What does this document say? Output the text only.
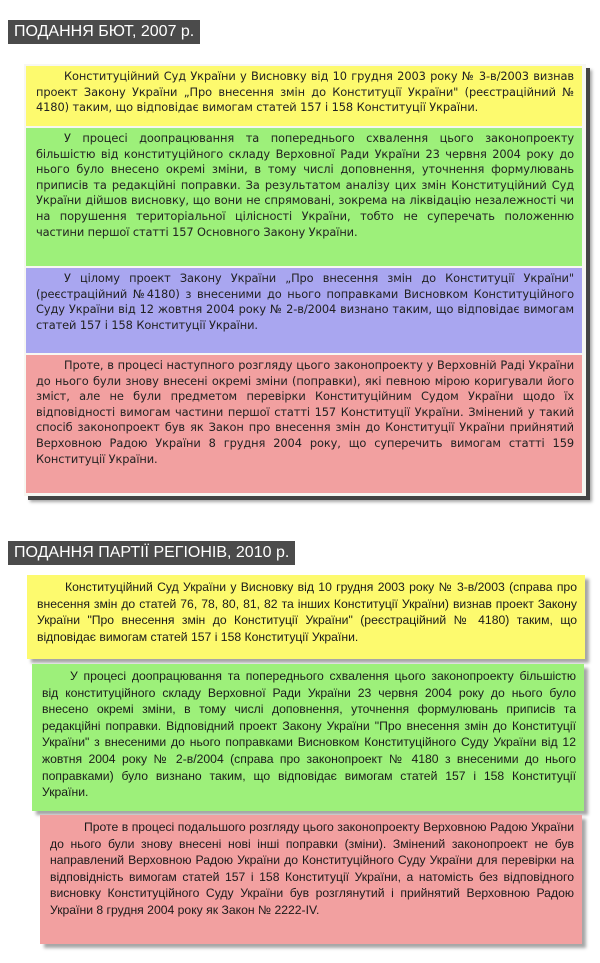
ПОДАННЯ БЮТ, 2007 р.

Конституційний Суд України у Висновку від 10 грудня 2003 року № 3-в/2003 визнав проект Закону України „Про внесення змін до Конституції України" (реєстраційний № 4180) таким, що відповідає вимогам статей 157 і 158 Конституції України.

У процесі доопрацювання та попереднього схвалення цього законопроекту більшістю від конституційного складу Верховної Ради України 23 червня 2004 року до нього було внесено окремі зміни, в тому числі доповнення, уточнення формулювань приписів та редакційні поправки. За результатом аналізу цих змін Конституційний Суд України дійшов висновку, що вони не спрямовані, зокрема на ліквідацію незалежності чи на порушення територіальної цілісності України, тобто не суперечать положенню частини першої статті 157 Основного Закону України.

У цілому проект Закону України „Про внесення змін до Конституції України" (реєстраційний №4180) з внесеними до нього поправками Висновком Конституційного Суду України від 12 жовтня 2004 року № 2-в/2004 визнано таким, що відповідає вимогам статей 157 і 158 Конституції України.

Проте, в процесі наступного розгляду цього законопроекту у Верховній Раді України до нього були знову внесені окремі зміни (поправки), які певною мірою коригували його зміст, але не були предметом перевірки Конституційним Судом України щодо їх відповідності вимогам частини першої статті 157 Конституції України. Змінений у такий спосіб законопроект був як Закон про внесення змін до Конституції України прийнятий Верховною Радою України 8 грудня 2004 року, що суперечить вимогам статті 159 Конституції України.

ПОДАННЯ ПАРТІЇ РЕГІОНІВ, 2010 р.

Конституційний Суд України у Висновку від 10 грудня 2003 року № 3-в/2003 (справа про внесення змін до статей 76, 78, 80, 81, 82 та інших Конституції України) визнав проект Закону України "Про внесення змін до Конституції України" (реєстраційний № 4180) таким, що відповідає вимогам статей 157 і 158 Конституції України.

У процесі доопрацювання та попереднього схвалення цього законопроекту більшістю від конституційного складу Верховної Ради України 23 червня 2004 року до нього було внесено окремі зміни, в тому числі доповнення, уточнення формулювань приписів та редакційні поправки. Відповідний проект Закону України "Про внесення змін до Конституції України" з внесеними до нього поправками Висновком Конституційного Суду України від 12 жовтня 2004 року № 2-в/2004 (справа про законопроект № 4180 з внесеними до нього поправками) було визнано таким, що відповідає вимогам статей 157 і 158 Конституції України.

Проте в процесі подальшого розгляду цього законопроекту Верховною Радою України до нього були знову внесені нові інші поправки (зміни). Змінений законопроект не був направлений Верховною Радою України до Конституційного Суду України для перевірки на відповідність вимогам статей 157 і 158 Конституції України, а натомість без відповідного висновку Конституційного Суду України був розглянутий і прийнятий Верховною Радою України 8 грудня 2004 року як Закон № 2222-IV.
